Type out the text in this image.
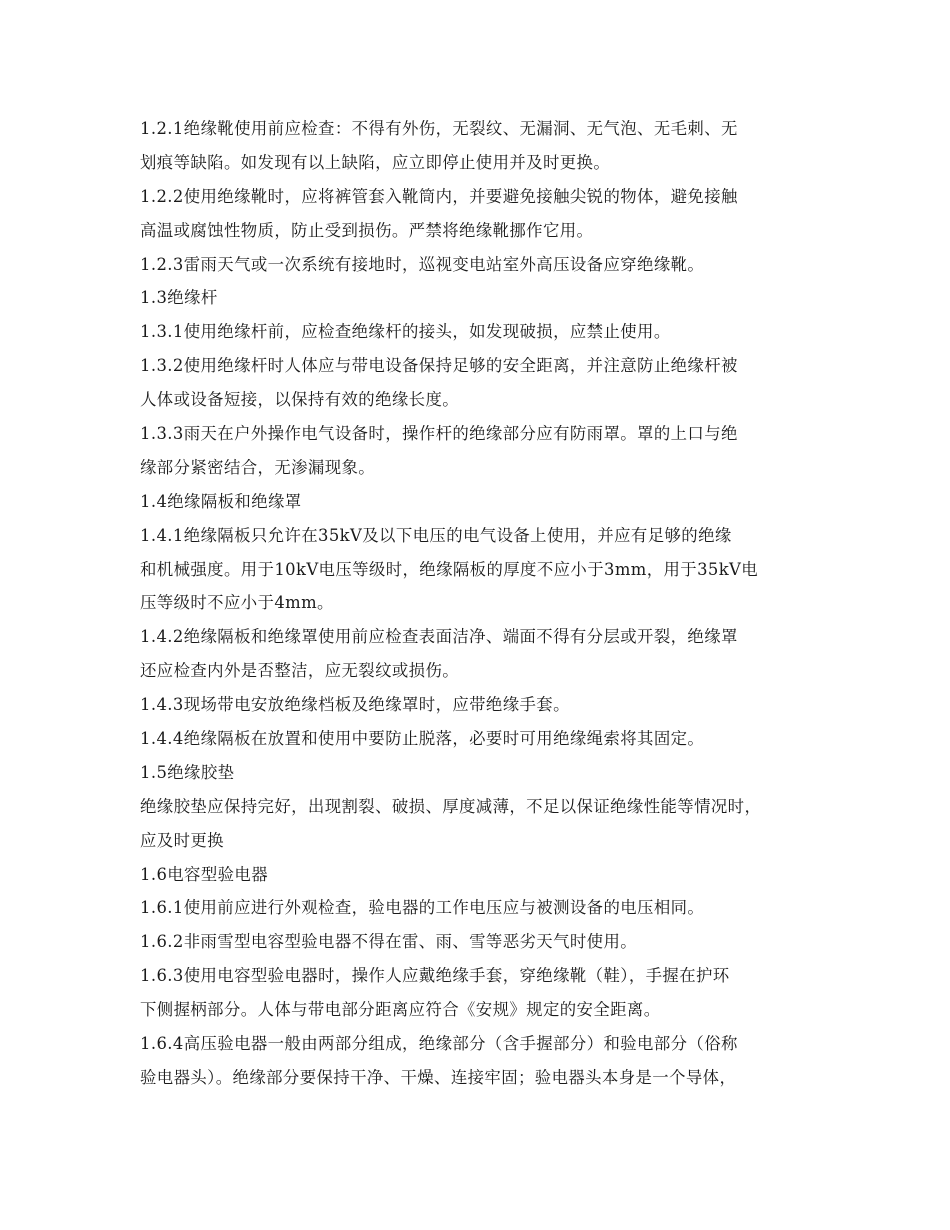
1.2.1绝缘靴使用前应检查：不得有外伤，无裂纹、无漏洞、无气泡、无毛刺、无
划痕等缺陷。如发现有以上缺陷，应立即停止使用并及时更换。
1.2.2使用绝缘靴时，应将裤管套入靴筒内，并要避免接触尖锐的物体，避免接触
高温或腐蚀性物质，防止受到损伤。严禁将绝缘靴挪作它用。
1.2.3雷雨天气或一次系统有接地时，巡视变电站室外高压设备应穿绝缘靴。
1.3绝缘杆
1.3.1使用绝缘杆前，应检查绝缘杆的接头，如发现破损，应禁止使用。
1.3.2使用绝缘杆时人体应与带电设备保持足够的安全距离，并注意防止绝缘杆被
人体或设备短接，以保持有效的绝缘长度。
1.3.3雨天在户外操作电气设备时，操作杆的绝缘部分应有防雨罩。罩的上口与绝
缘部分紧密结合，无渗漏现象。
1.4绝缘隔板和绝缘罩
1.4.1绝缘隔板只允许在35kV及以下电压的电气设备上使用，并应有足够的绝缘
和机械强度。用于10kV电压等级时，绝缘隔板的厚度不应小于3mm，用于35kV电
压等级时不应小于4mm。
1.4.2绝缘隔板和绝缘罩使用前应检查表面洁净、端面不得有分层或开裂，绝缘罩
还应检查内外是否整洁，应无裂纹或损伤。
1.4.3现场带电安放绝缘档板及绝缘罩时，应带绝缘手套。
1.4.4绝缘隔板在放置和使用中要防止脱落，必要时可用绝缘绳索将其固定。
1.5绝缘胶垫
绝缘胶垫应保持完好，出现割裂、破损、厚度减薄，不足以保证绝缘性能等情况时，
应及时更换
1.6电容型验电器
1.6.1使用前应进行外观检查，验电器的工作电压应与被测设备的电压相同。
1.6.2非雨雪型电容型验电器不得在雷、雨、雪等恶劣天气时使用。
1.6.3使用电容型验电器时，操作人应戴绝缘手套，穿绝缘靴（鞋），手握在护环
下侧握柄部分。人体与带电部分距离应符合《安规》规定的安全距离。
1.6.4高压验电器一般由两部分组成，绝缘部分（含手握部分）和验电部分（俗称
验电器头）。绝缘部分要保持干净、干燥、连接牢固；验电器头本身是一个导体，
